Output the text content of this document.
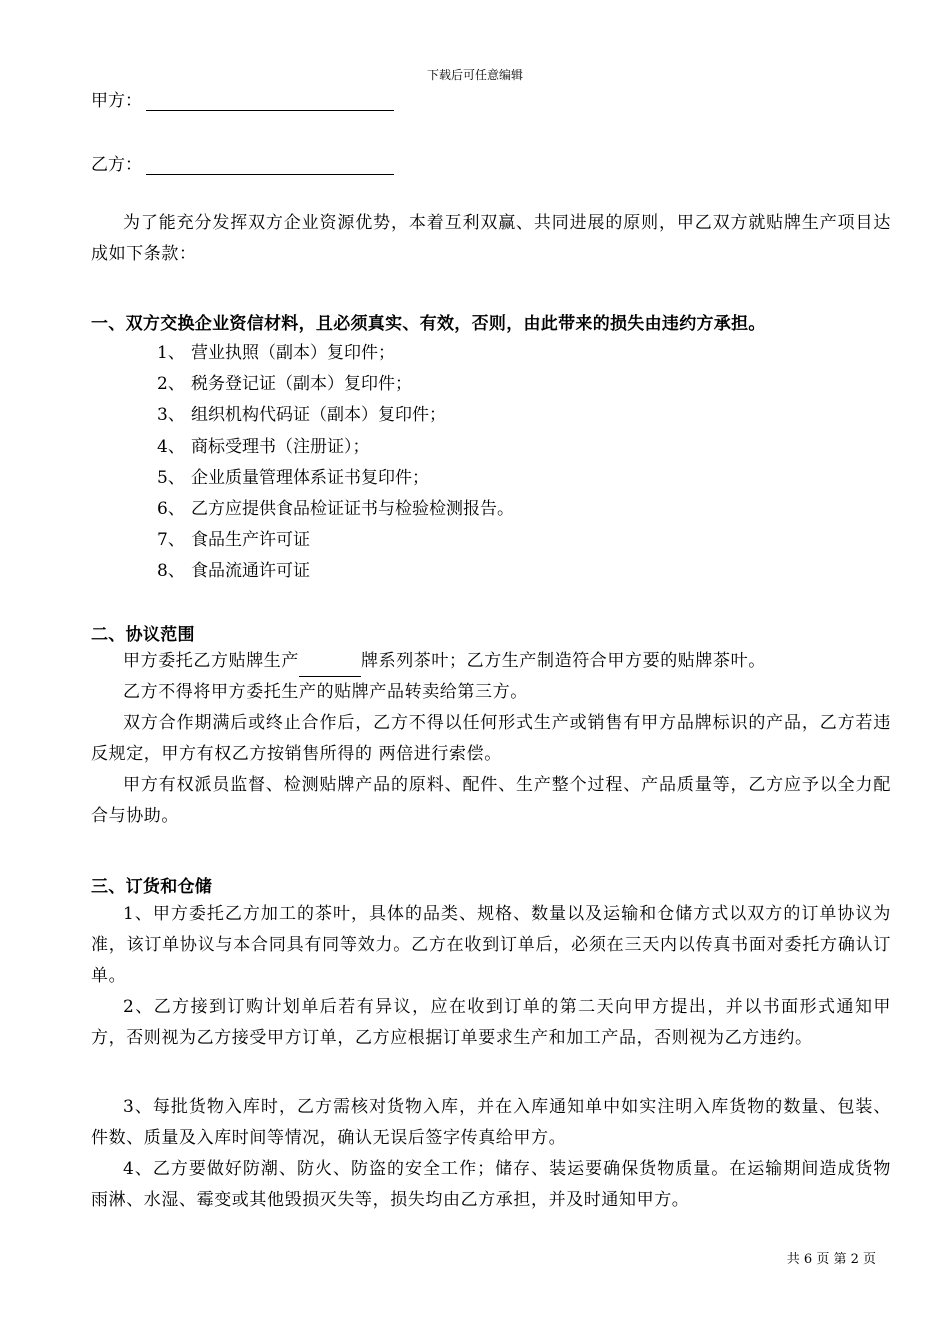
下载后可任意编辑
甲方：
乙方：
为了能充分发挥双方企业资源优势，本着互利双赢、共同进展的原则，甲乙双方就贴牌生产项目达成如下条款：
一、双方交换企业资信材料，且必须真实、有效，否则，由此带来的损失由违约方承担。
1、 营业执照（副本）复印件；
2、 税务登记证（副本）复印件；
3、 组织机构代码证（副本）复印件；
4、 商标受理书（注册证）；
5、 企业质量管理体系证书复印件；
6、 乙方应提供食品检证证书与检验检测报告。
7、 食品生产许可证
8、 食品流通许可证
二、协议范围
甲方委托乙方贴牌生产	牌系列茶叶；乙方生产制造符合甲方要的贴牌茶叶。
乙方不得将甲方委托生产的贴牌产品转卖给第三方。
双方合作期满后或终止合作后，乙方不得以任何形式生产或销售有甲方品牌标识的产品，乙方若违反规定，甲方有权乙方按销售所得的 两倍进行索偿。
甲方有权派员监督、检测贴牌产品的原料、配件、生产整个过程、产品质量等，乙方应予以全力配合与协助。
三、订货和仓储
1、甲方委托乙方加工的茶叶，具体的品类、规格、数量以及运输和仓储方式以双方的订单协议为准，该订单协议与本合同具有同等效力。乙方在收到订单后，必须在三天内以传真书面对委托方确认订单。
2、乙方接到订购计划单后若有异议，应在收到订单的第二天向甲方提出，并以书面形式通知甲方，否则视为乙方接受甲方订单，乙方应根据订单要求生产和加工产品，否则视为乙方违约。
3、每批货物入库时，乙方需核对货物入库，并在入库通知单中如实注明入库货物的数量、包装、件数、质量及入库时间等情况，确认无误后签字传真给甲方。
4、乙方要做好防潮、防火、防盗的安全工作；储存、装运要确保货物质量。在运输期间造成货物雨淋、水湿、霉变或其他毁损灭失等，损失均由乙方承担，并及时通知甲方。
共 6 页 第 2 页
